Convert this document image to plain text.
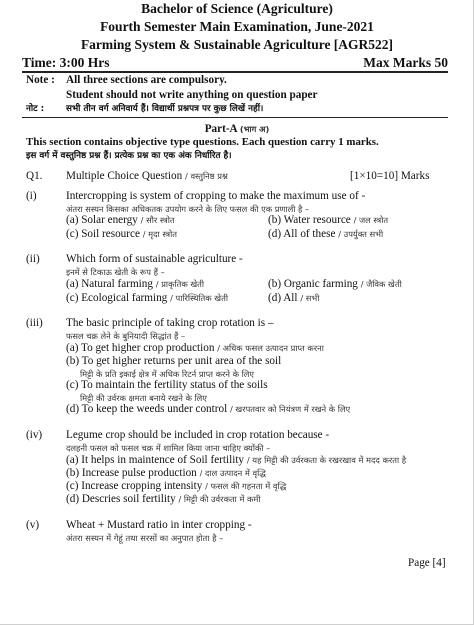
Bachelor of Science (Agriculture)
Fourth Semester Main Examination, June-2021
Farming System & Sustainable Agriculture [AGR522]
Time: 3:00 Hrs	Max Marks 50
Note : All three sections are compulsory.
Student should not write anything on question paper
नोट : सभी तीन वर्ग अनिवार्य हैं। विद्यार्थी प्रश्नपत्र पर कुछ लिखें नहीं।
Part-A (भाग अ)
This section contains objective type questions. Each question carry 1 marks.
इस वर्ग में वस्तुनिष्ठ प्रश्न हैं। प्रत्येक प्रश्न का एक अंक निर्धारित है।
Q1. Multiple Choice Question / वस्तुनिष्ठ प्रश्न	[1×10=10] Marks
(i)	Intercropping is system of cropping to make the maximum use of -
अंतरा सस्यन किसका अधिकतक उपयोग करने के लिए फसल की एक प्रणाली है –
(a) Solar energy / सौर स्त्रोत	(b) Water resource / जल स्त्रोत
(c) Soil resource / मृदा स्त्रोत	(d) All of these / उपर्युक्त सभी
(ii) Which form of sustainable agriculture -
इनमें से टिकाऊ खेती के रूप हैं –
(a) Natural farming / प्राकृतिक खेती	(b) Organic farming / जैविक खेती
(c) Ecological farming / पारिस्थितिक खेती	(d) All / सभी
(iii) The basic principle of taking crop rotation is –
फसल चक्र लेने के बुनियादी सिद्धांत हैं –
(a) To get higher crop production / अधिक फसल उत्पादन प्राप्त करना
(b) To get higher returns per unit area of the soil
मिट्टी के प्रति इकाई क्षेत्र में अधिक रिटर्न प्राप्त करने के लिए
(c) To maintain the fertility status of the soils
मिट्टी की उर्वरक क्षमता बनाये रखने के लिए
(d) To keep the weeds under control / खरपतवार को नियंत्रण में रखने के लिए
(iv) Legume crop should be included in crop rotation because -
दलहनी फसल को फसल चक्र में शामिल किया जाना चाहिए क्योंकी –
(a) It helps in maintence of Soil fertility / यह मिट्टी की उर्वरकता के रखरखाव में मदद करता है
(b) Increase pulse production / दाल उत्पादन में वृद्धि
(c) Increase cropping intensity / फसल की गहनता में वृद्धि
(d) Descries soil fertility / मिट्टी की उर्वरकता में कमी
(v) Wheat + Mustard ratio in inter cropping -
अंतरा सस्यन में गेहूं तथा सरसों का अनुपात होता है –
Page [4]
